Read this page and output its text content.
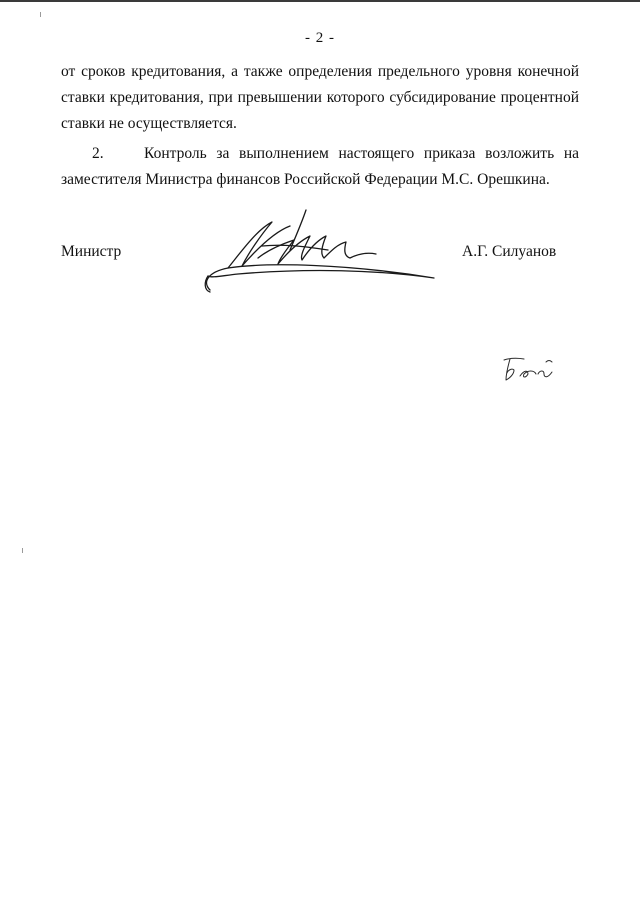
- 2 -

от сроков кредитования, а также определения предельного уровня конечной

ставки кредитования, при превышении которого субсидирование процентной

ставки не осуществляется.

2.	Контроль за выполнением настоящего приказа возложить на

заместителя Министра финансов Российской Федерации М.С. Орешкина.

Министр	А.Г. Силуанов
